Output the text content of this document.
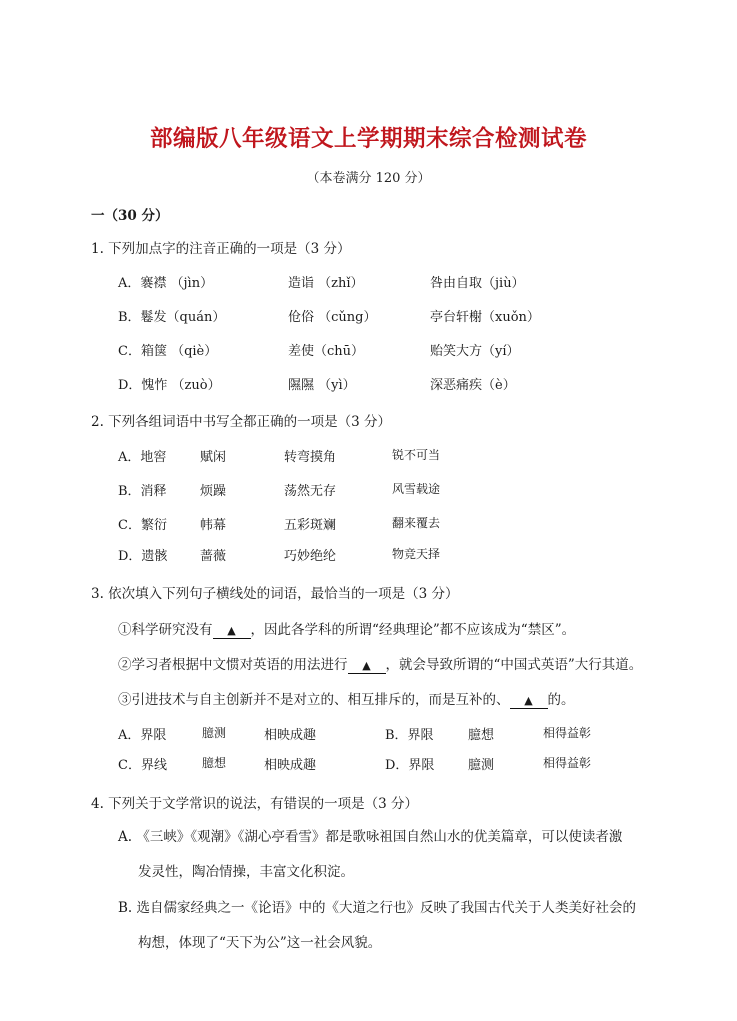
部编版八年级语文上学期期末综合检测试卷
（本卷满分 120 分）
一（30 分）
1. 下列加点字的注音正确的一项是（3 分）
A．褰襟 （jìn）	造诣 （zhǐ）	咎由自取（jiù）
B．鬈发（quán）	伧俗 （cǔng）	亭台轩榭（xuǒn）
C．箱箧 （qiè）	差使（chū）	贻笑大方（yí）
D．愧怍 （zuò）	隰隰 （yì）	深恶痛疾（è）
2. 下列各组词语中书写全都正确的一项是（3 分）
A．地窖	赋闲	转弯摸角	锐不可当
B．消释	烦躁	荡然无存	风雪载途
C．繁衍	帏幕	五彩斑斓	翻来覆去
D．遗骸	蔷薇	巧妙绝纶	物竞天择
3. 依次填入下列句子横线处的词语，最恰当的一项是（3 分）
①科学研究没有 ▲ ，因此各学科的所谓“经典理论”都不应该成为“禁区”。
②学习者根据中文惯对英语的用法进行 ▲ ，就会导致所谓的“中国式英语”大行其道。
③引进技术与自主创新并不是对立的、相互排斥的，而是互补的、 ▲ 的。
A．界限	臆测	相映成趣	B．界限	臆想	相得益彰
C．界线	臆想	相映成趣	D．界限	臆测	相得益彰
4. 下列关于文学常识的说法，有错误的一项是（3 分）
A. 《三峡》《观潮》《湖心亭看雪》都是歌咏祖国自然山水的优美篇章，可以使读者激
发灵性，陶冶情操，丰富文化积淀。
B. 选自儒家经典之一《论语》中的《大道之行也》反映了我国古代关于人类美好社会的
构想，体现了“天下为公”这一社会风貌。
